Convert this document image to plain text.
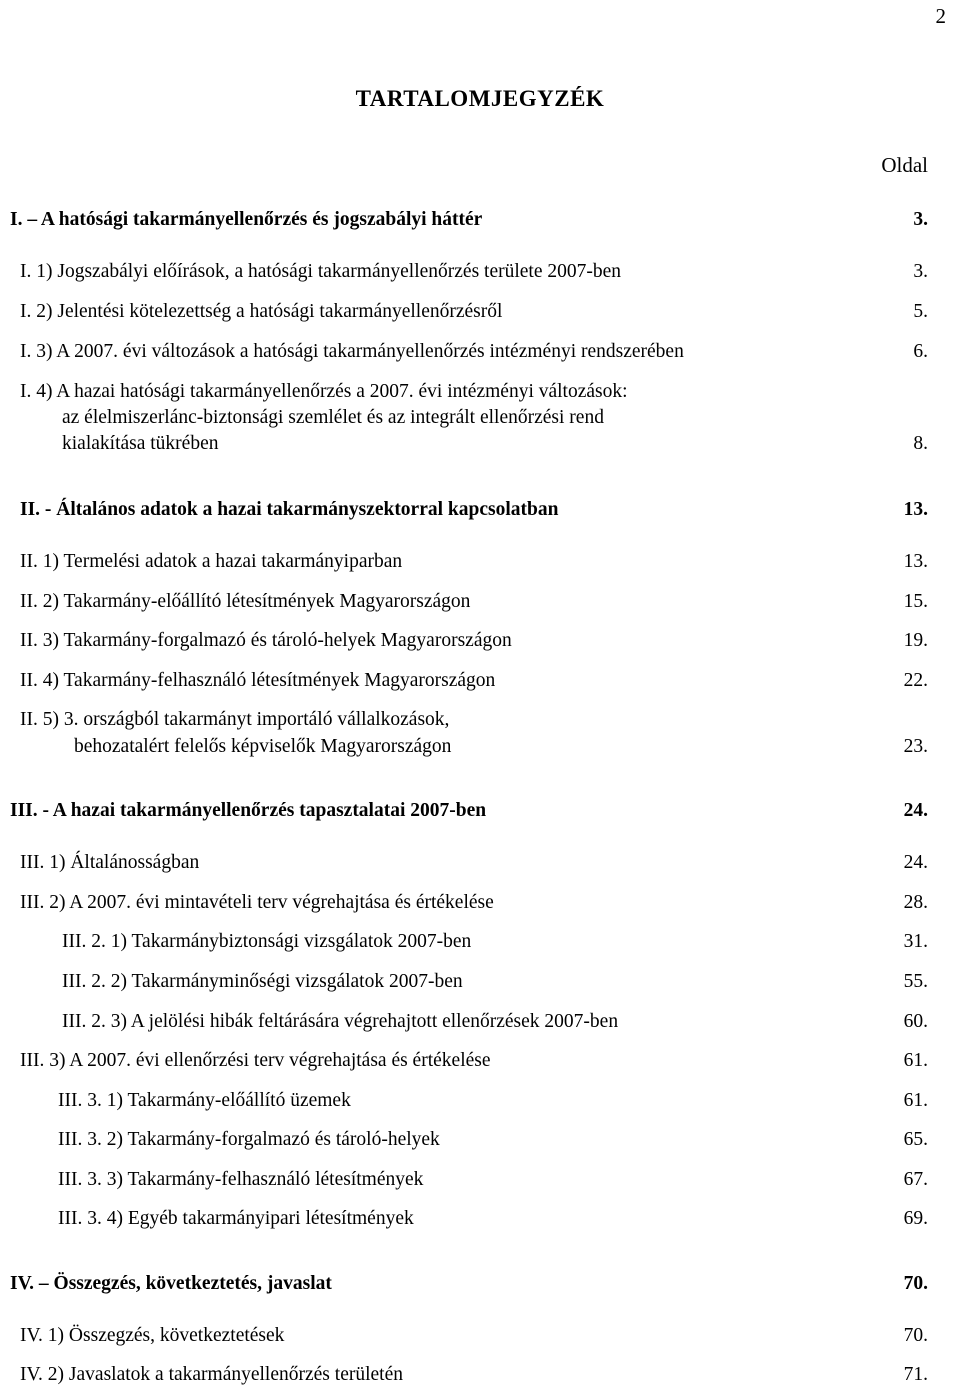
2
TARTALOMJEGYZÉK
Oldal
I. – A hatósági takarmányellenőrzés és jogszabályi háttér	3.
I. 1) Jogszabályi előírások, a hatósági takarmányellenőrzés területe 2007-ben	3.
I. 2) Jelentési kötelezettség a hatósági takarmányellenőrzésről	5.
I. 3) A 2007. évi változások a hatósági takarmányellenőrzés intézményi rendszerében	6.
I. 4) A hazai hatósági takarmányellenőrzés a 2007. évi intézményi változások:
az élelmiszerlánc-biztonsági szemlélet és az integrált ellenőrzési rend
kialakítása tükrében	8.
II. - Általános adatok a hazai takarmányszektorral kapcsolatban	13.
II. 1) Termelési adatok a hazai takarmányiparban	13.
II. 2) Takarmány-előállító létesítmények Magyarországon	15.
II. 3) Takarmány-forgalmazó és tároló-helyek Magyarországon	19.
II. 4) Takarmány-felhasználó létesítmények Magyarországon	22.
II. 5) 3. országból takarmányt importáló vállalkozások,
behozatalért felelős képviselők Magyarországon	23.
III. - A hazai takarmányellenőrzés tapasztalatai 2007-ben	24.
III. 1) Általánosságban	24.
III. 2) A 2007. évi mintavételi terv végrehajtása és értékelése	28.
III. 2. 1) Takarmánybiztonsági vizsgálatok 2007-ben	31.
III. 2. 2) Takarmányminőségi vizsgálatok 2007-ben	55.
III. 2. 3) A jelölési hibák feltárására végrehajtott ellenőrzések 2007-ben	60.
III. 3) A 2007. évi ellenőrzési terv végrehajtása és értékelése	61.
III. 3. 1) Takarmány-előállító üzemek	61.
III. 3. 2) Takarmány-forgalmazó és tároló-helyek	65.
III. 3. 3) Takarmány-felhasználó létesítmények	67.
III. 3. 4) Egyéb takarmányipari létesítmények	69.
IV. – Összegzés, következtetés, javaslat	70.
IV. 1) Összegzés, következtetések	70.
IV. 2) Javaslatok a takarmányellenőrzés területén	71.
